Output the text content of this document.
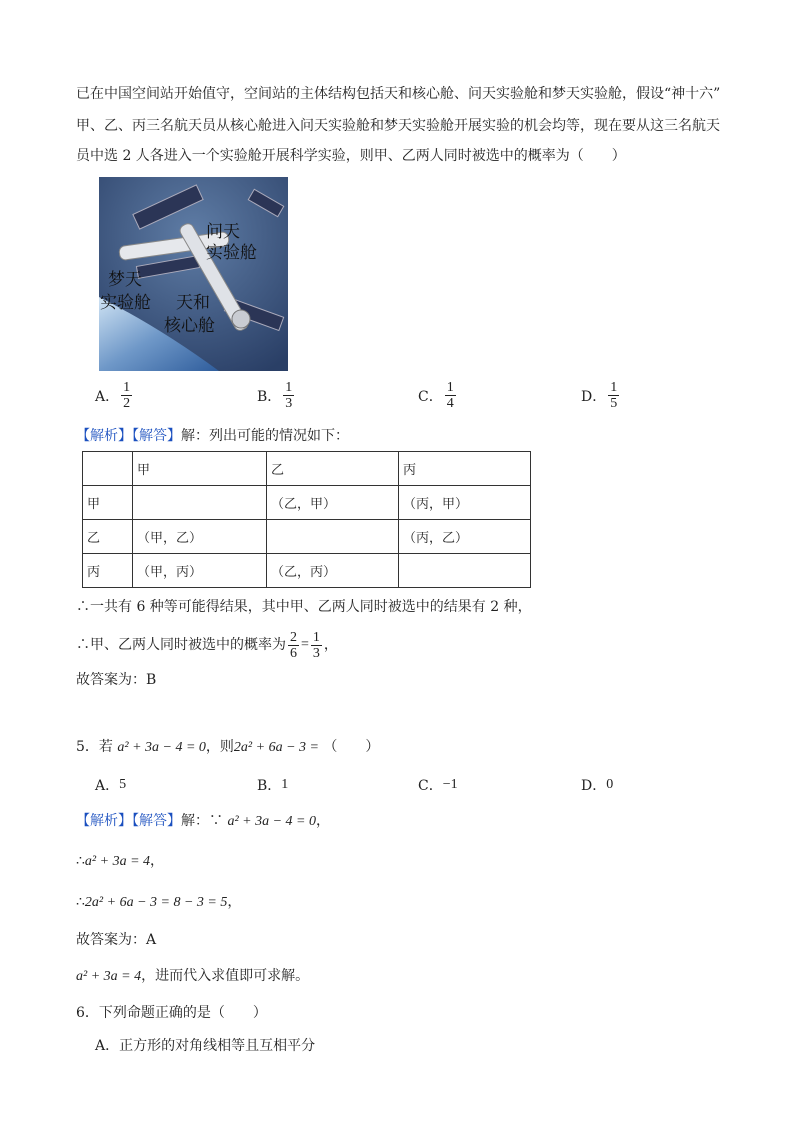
已在中国空间站开始值守，空间站的主体结构包括天和核心舱、问天实验舱和梦天实验舱，假设“神十六”
甲、乙、丙三名航天员从核心舱进入问天实验舱和梦天实验舱开展实验的机会均等，现在要从这三名航天
员中选 2 人各进入一个实验舱开展科学实验，则甲、乙两人同时被选中的概率为（　　）
问天
实验舱
梦天
实验舱 天和
核心舱
A． $\frac{1}{2}$	B． $\frac{1}{3}$	C． $\frac{1}{4}$	D． $\frac{1}{5}$
【解析】【解答】解：列出可能的情况如下：
	甲	乙	丙
甲		（乙，甲）	（丙，甲）
乙	（甲，乙）		（丙，乙）
丙	（甲，丙）	（乙，丙）	
∴一共有 6 种等可能得结果，其中甲、乙两人同时被选中的结果有 2 种，
∴甲、乙两人同时被选中的概率为 $\frac{2}{6} = \frac{1}{3}$ ，
故答案为：B
5．若 a² + 3a − 4 = 0，则2a² + 6a − 3 = （　　）
A． 5	B． 1	C． −1	D． 0
【解析】【解答】解：∵ a² + 3a − 4 = 0，
∴a² + 3a = 4，
∴2a² + 6a − 3 = 8 − 3 = 5，
故答案为：A
a² + 3a = 4，进而代入求值即可求解。
6．下列命题正确的是（　　）
A．正方形的对角线相等且互相平分
